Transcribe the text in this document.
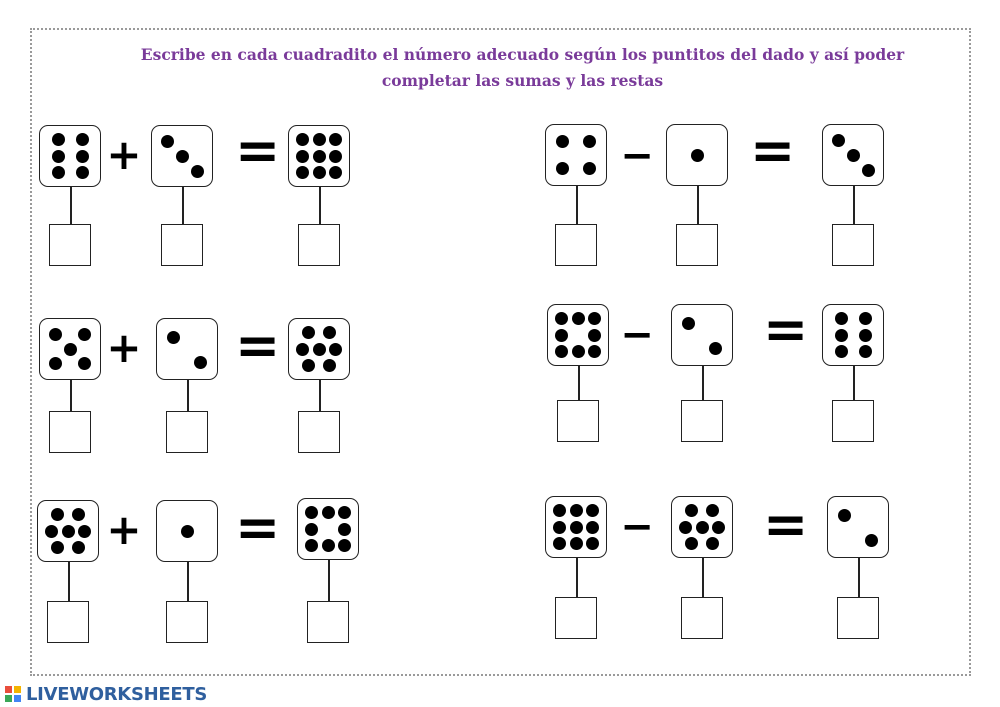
Escribe en cada cuadradito el número adecuado según los puntitos del dado y así poder completar las sumas y las restas
+ =
+ =
+ =
− =
− =
− =
LIVEWORKSHEETS
